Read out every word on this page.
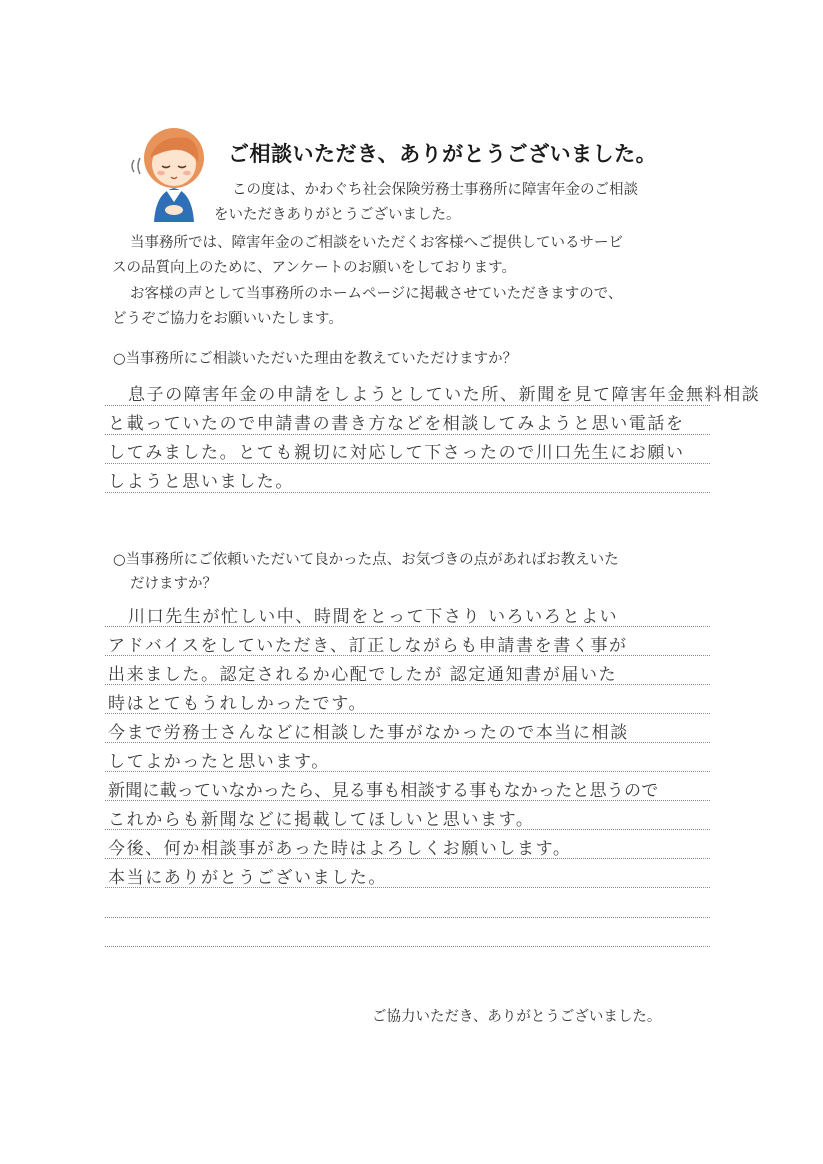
ご相談いただき、ありがとうございました。
この度は、かわぐち社会保険労務士事務所に障害年金のご相談
をいただきありがとうございました。
当事務所では、障害年金のご相談をいただくお客様へご提供しているサービ
スの品質向上のために、アンケートのお願いをしております。
お客様の声として当事務所のホームページに掲載させていただきますので、
どうぞご協力をお願いいたします。
○当事務所にご相談いただいた理由を教えていただけますか？
息子の障害年金の申請をしようとしていた所、新聞を見て障害年金無料相談
と載っていたので申請書の書き方などを相談してみようと思い電話を
してみました。とても親切に対応して下さったので川口先生にお願い
しようと思いました。
○当事務所にご依頼いただいて良かった点、お気づきの点があればお教えいた
だけますか？
川口先生が忙しい中、時間をとって下さり いろいろとよい
アドバイスをしていただき、訂正しながらも申請書を書く事が
出来ました。認定されるか心配でしたが 認定通知書が届いた
時はとてもうれしかったです。
今まで労務士さんなどに相談した事がなかったので本当に相談
してよかったと思います。
新聞に載っていなかったら、見る事も相談する事もなかったと思うので
これからも新聞などに掲載してほしいと思います。
今後、何か相談事があった時はよろしくお願いします。
本当にありがとうございました。
ご協力いただき、ありがとうございました。
